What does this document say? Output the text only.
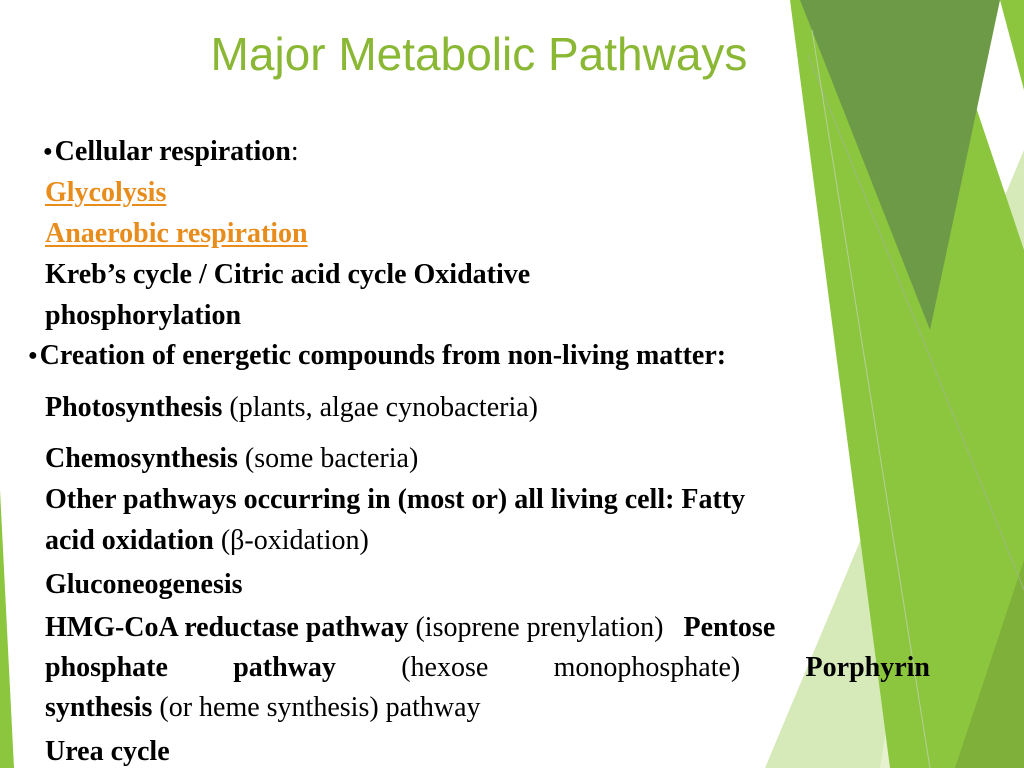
Major Metabolic Pathways
●Cellular respiration:
Glycolysis
Anaerobic respiration
Kreb’s cycle / Citric acid cycle Oxidative
phosphorylation
●Creation of energetic compounds from non-living matter:
Photosynthesis (plants, algae cynobacteria)
Chemosynthesis (some bacteria)
Other pathways occurring in (most or) all living cell: Fatty
acid oxidation (β-oxidation)
Gluconeogenesis
HMG-CoA reductase pathway (isoprene prenylation) Pentose
phosphate pathway (hexose monophosphate) Porphyrin
synthesis (or heme synthesis) pathway
Urea cycle
